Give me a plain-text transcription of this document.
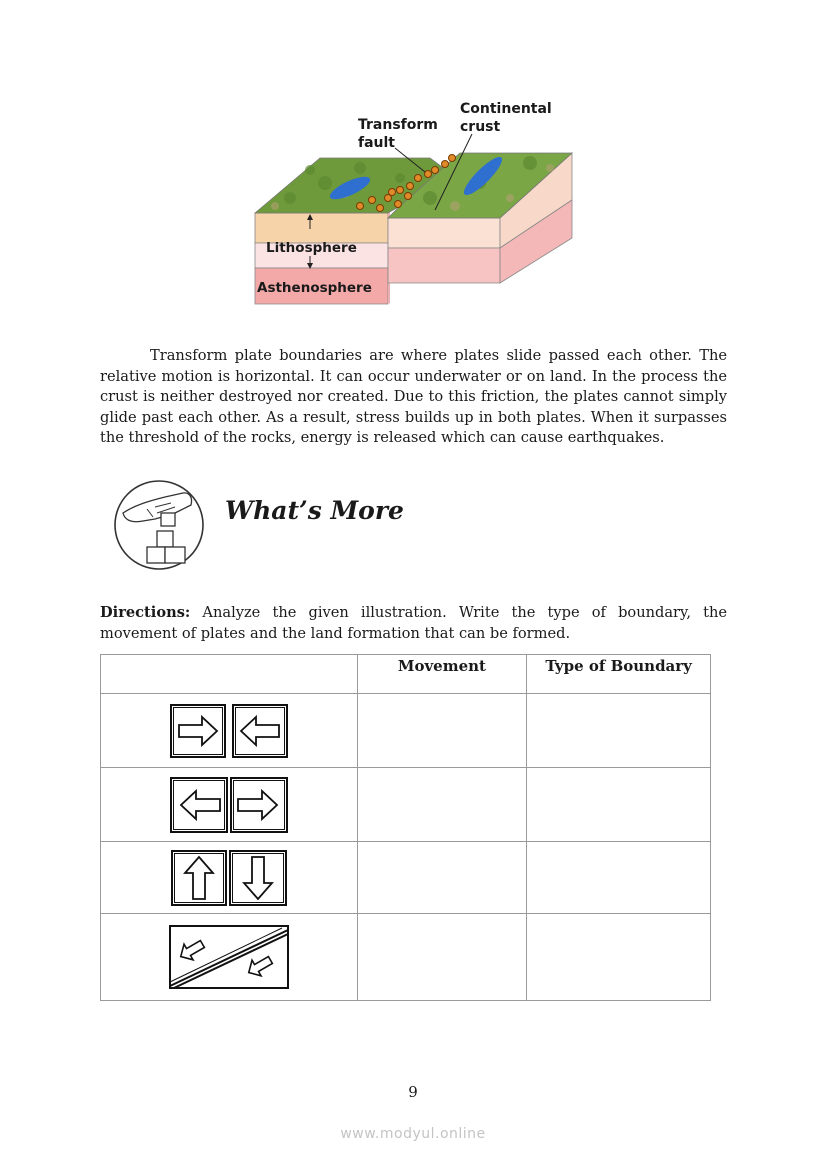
Transform
fault
Continental
crust
Lithosphere
Asthenosphere
Transform plate boundaries are where plates slide passed each other. The relative motion is horizontal. It can occur underwater or on land. In the process the crust is neither destroyed nor created. Due to this friction, the plates cannot simply glide past each other. As a result, stress builds up in both plates. When it surpasses the threshold of the rocks, energy is released which can cause earthquakes.
What’s More
Directions: Analyze the given illustration. Write the type of boundary, the movement of plates and the land formation that can be formed.
	Movement	Type of Boundary

9
www.modyul.online
